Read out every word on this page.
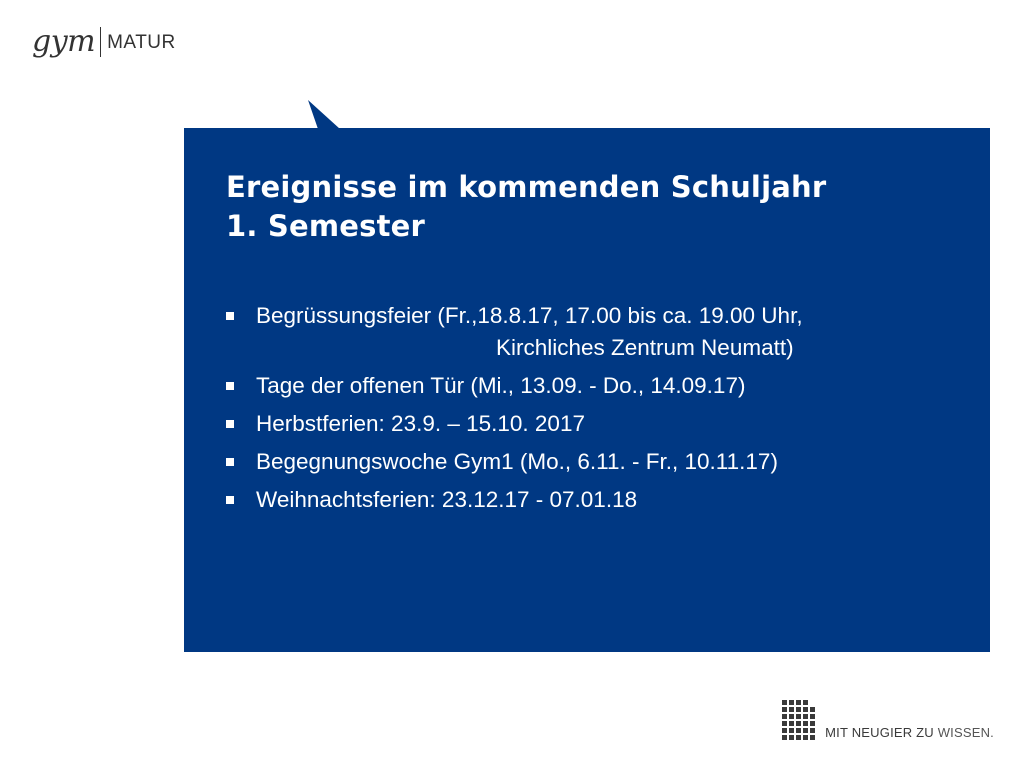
gym MATUR
Ereignisse im kommenden Schuljahr
1. Semester
Begrüssungsfeier (Fr.,18.8.17, 17.00 bis ca. 19.00 Uhr,
Kirchliches Zentrum Neumatt)
Tage der offenen Tür (Mi., 13.09. - Do., 14.09.17)
Herbstferien: 23.9. – 15.10. 2017
Begegnungswoche Gym1 (Mo., 6.11. - Fr., 10.11.17)
Weihnachtsferien: 23.12.17 - 07.01.18
MIT NEUGIER ZU WISSEN.
